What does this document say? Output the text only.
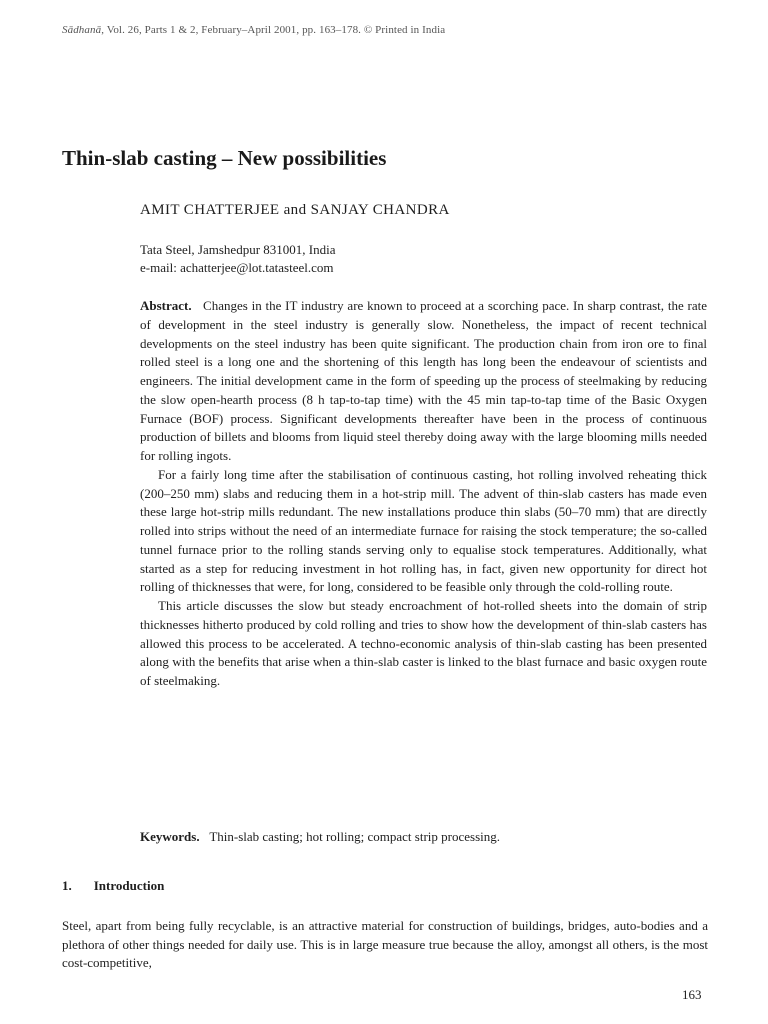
Sādhanā, Vol. 26, Parts 1 & 2, February–April 2001, pp. 163–178. © Printed in India
Thin-slab casting – New possibilities
AMIT CHATTERJEE and SANJAY CHANDRA
Tata Steel, Jamshedpur 831001, India
e-mail: achatterjee@lot.tatasteel.com

Abstract. Changes in the IT industry are known to proceed at a scorching pace. In sharp contrast, the rate of development in the steel industry is generally slow. Nonetheless, the impact of recent technical developments on the steel industry has been quite significant. The production chain from iron ore to final rolled steel is a long one and the shortening of this length has long been the endeavour of scientists and engineers. The initial development came in the form of speeding up the process of steelmaking by reducing the slow open-hearth process (8 h tap-to-tap time) with the 45 min tap-to-tap time of the Basic Oxygen Furnace (BOF) process. Significant developments thereafter have been in the process of continuous production of billets and blooms from liquid steel thereby doing away with the large blooming mills needed for rolling ingots.

For a fairly long time after the stabilisation of continuous casting, hot rolling involved reheating thick (200–250 mm) slabs and reducing them in a hot-strip mill. The advent of thin-slab casters has made even these large hot-strip mills redundant. The new installations produce thin slabs (50–70 mm) that are directly rolled into strips without the need of an intermediate furnace for raising the stock temperature; the so-called tunnel furnace prior to the rolling stands serving only to equalise stock temperatures. Additionally, what started as a step for reducing investment in hot rolling has, in fact, given new opportunity for direct hot rolling of thicknesses that were, for long, considered to be feasible only through the cold-rolling route.

This article discusses the slow but steady encroachment of hot-rolled sheets into the domain of strip thicknesses hitherto produced by cold rolling and tries to show how the development of thin-slab casters has allowed this process to be accelerated. A techno-economic analysis of thin-slab casting has been presented along with the benefits that arise when a thin-slab caster is linked to the blast furnace and basic oxygen route of steelmaking.

Keywords. Thin-slab casting; hot rolling; compact strip processing.
1. Introduction
Steel, apart from being fully recyclable, is an attractive material for construction of buildings, bridges, auto-bodies and a plethora of other things needed for daily use. This is in large measure true because the alloy, amongst all others, is the most cost-competitive,
163
